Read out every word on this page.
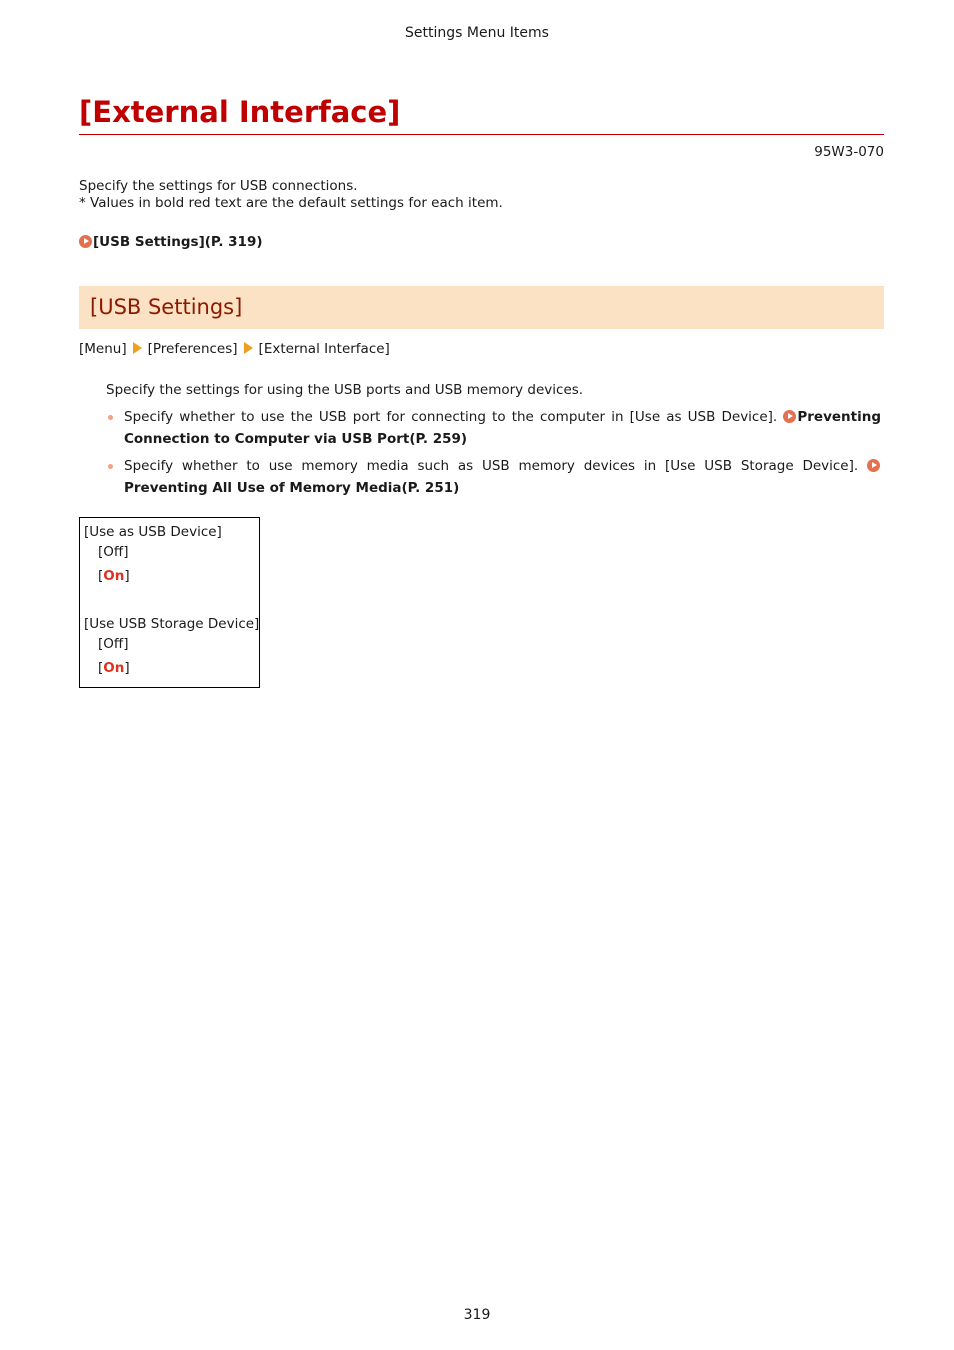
Settings Menu Items
[External Interface]
95W3-070
Specify the settings for USB connections.
* Values in bold red text are the default settings for each item.
[USB Settings](P. 319)
[USB Settings]
[Menu] [Preferences] [External Interface]
Specify the settings for using the USB ports and USB memory devices.
Specify whether to use the USB port for connecting to the computer in [Use as USB Device]. Preventing Connection to Computer via USB Port(P. 259)
Specify whether to use memory media such as USB memory devices in [Use USB Storage Device]. Preventing All Use of Memory Media(P. 251)
[Use as USB Device]
[Off]
[On]
[Use USB Storage Device]
[Off]
[On]
319
